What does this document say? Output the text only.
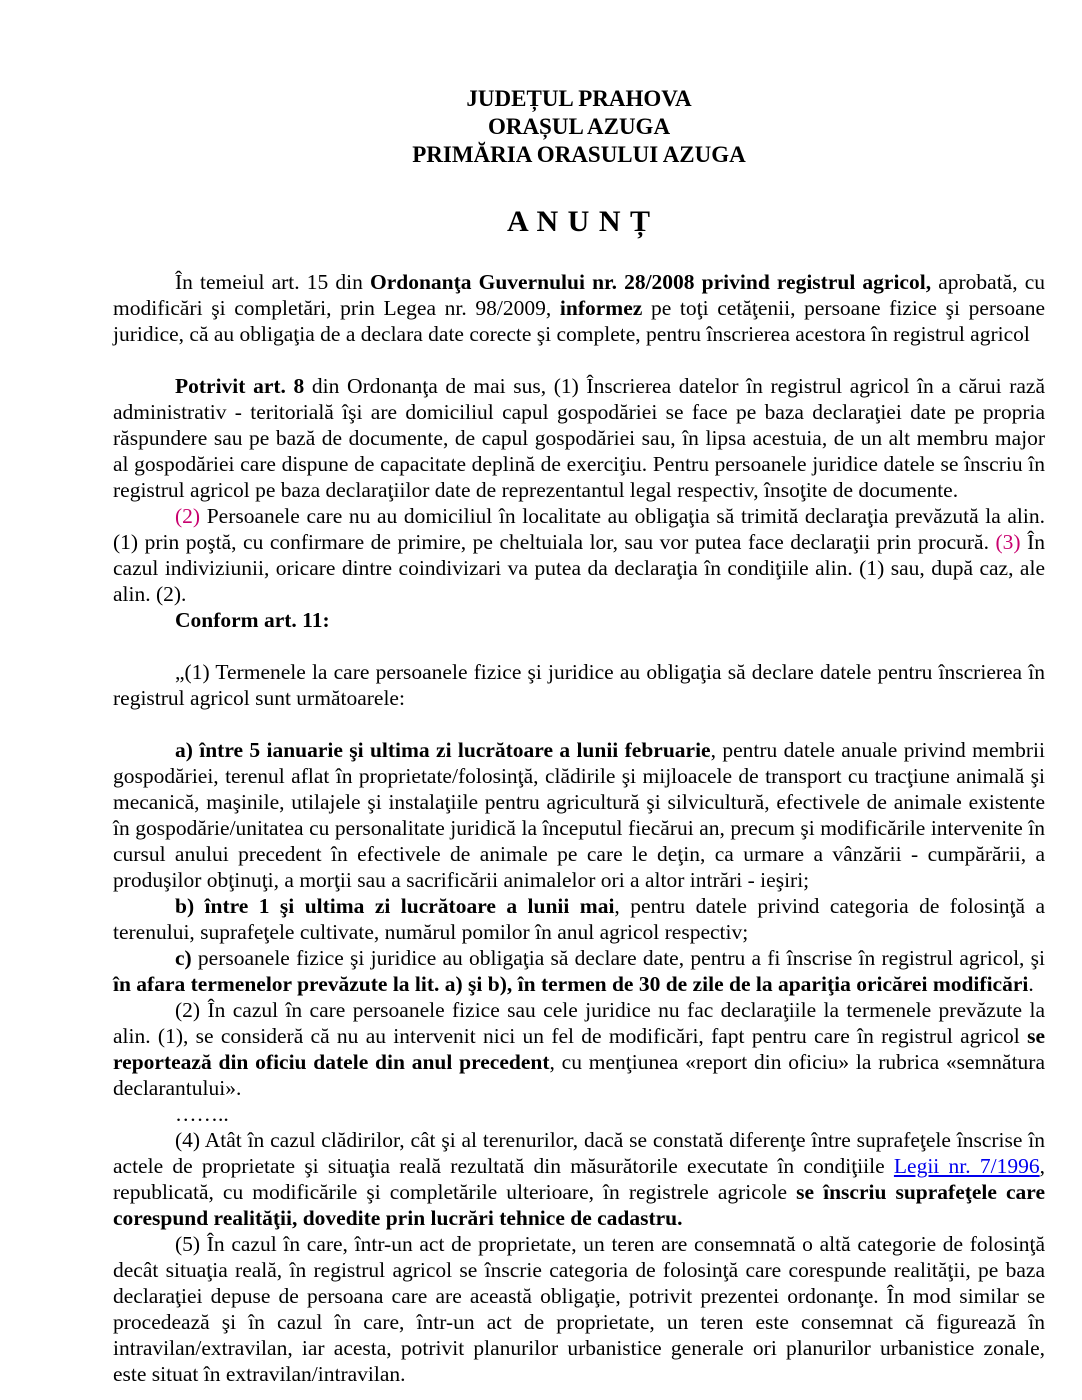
JUDEȚUL PRAHOVA
ORAȘUL AZUGA
PRIMĂRIA ORASULUI AZUGA
A N U N Ț

În temeiul art. 15 din Ordonanţa Guvernului nr. 28/2008 privind registrul agricol, aprobată, cu modificări şi completări, prin Legea nr. 98/2009, informez pe toţi cetăţenii, persoane fizice şi persoane juridice, că au obligaţia de a declara date corecte şi complete, pentru înscrierea acestora în registrul agricol

Potrivit art. 8 din Ordonanţa de mai sus, (1) Înscrierea datelor în registrul agricol în a cărui rază administrativ - teritorială îşi are domiciliul capul gospodăriei se face pe baza declaraţiei date pe propria răspundere sau pe bază de documente, de capul gospodăriei sau, în lipsa acestuia, de un alt membru major al gospodăriei care dispune de capacitate deplină de exerciţiu. Pentru persoanele juridice datele se înscriu în registrul agricol pe baza declaraţiilor date de reprezentantul legal respectiv, însoţite de documente.

(2) Persoanele care nu au domiciliul în localitate au obligaţia să trimită declaraţia prevăzută la alin. (1) prin poştă, cu confirmare de primire, pe cheltuiala lor, sau vor putea face declaraţii prin procură. (3) În cazul indiviziunii, oricare dintre coindivizari va putea da declaraţia în condiţiile alin. (1) sau, după caz, ale alin. (2).

Conform art. 11:

„(1) Termenele la care persoanele fizice şi juridice au obligaţia să declare datele pentru înscrierea în registrul agricol sunt următoarele:

a) între 5 ianuarie şi ultima zi lucrătoare a lunii februarie, pentru datele anuale privind membrii gospodăriei, terenul aflat în proprietate/folosinţă, clădirile şi mijloacele de transport cu tracţiune animală şi mecanică, maşinile, utilajele şi instalaţiile pentru agricultură şi silvicultură, efectivele de animale existente în gospodărie/unitatea cu personalitate juridică la începutul fiecărui an, precum şi modificările intervenite în cursul anului precedent în efectivele de animale pe care le deţin, ca urmare a vânzării - cumpărării, a produşilor obţinuţi, a morţii sau a sacrificării animalelor ori a altor intrări - ieşiri;

b) între 1 şi ultima zi lucrătoare a lunii mai, pentru datele privind categoria de folosinţă a terenului, suprafeţele cultivate, numărul pomilor în anul agricol respectiv;

c) persoanele fizice şi juridice au obligaţia să declare date, pentru a fi înscrise în registrul agricol, şi în afara termenelor prevăzute la lit. a) şi b), în termen de 30 de zile de la apariţia oricărei modificări.

(2) În cazul în care persoanele fizice sau cele juridice nu fac declaraţiile la termenele prevăzute la alin. (1), se consideră că nu au intervenit nici un fel de modificări, fapt pentru care în registrul agricol se reportează din oficiu datele din anul precedent, cu menţiunea «report din oficiu» la rubrica «semnătura declarantului».

……..

(4) Atât în cazul clădirilor, cât şi al terenurilor, dacă se constată diferenţe între suprafeţele înscrise în actele de proprietate şi situaţia reală rezultată din măsurătorile executate în condiţiile Legii nr. 7/1996, republicată, cu modificările şi completările ulterioare, în registrele agricole se înscriu suprafeţele care corespund realităţii, dovedite prin lucrări tehnice de cadastru.

(5) În cazul în care, într-un act de proprietate, un teren are consemnată o altă categorie de folosinţă decât situaţia reală, în registrul agricol se înscrie categoria de folosinţă care corespunde realităţii, pe baza declaraţiei depuse de persoana care are această obligaţie, potrivit prezentei ordonanţe. În mod similar se procedează şi în cazul în care, într-un act de proprietate, un teren este consemnat că figurează în intravilan/extravilan, iar acesta, potrivit planurilor urbanistice generale ori planurilor urbanistice zonale, este situat în extravilan/intravilan.
